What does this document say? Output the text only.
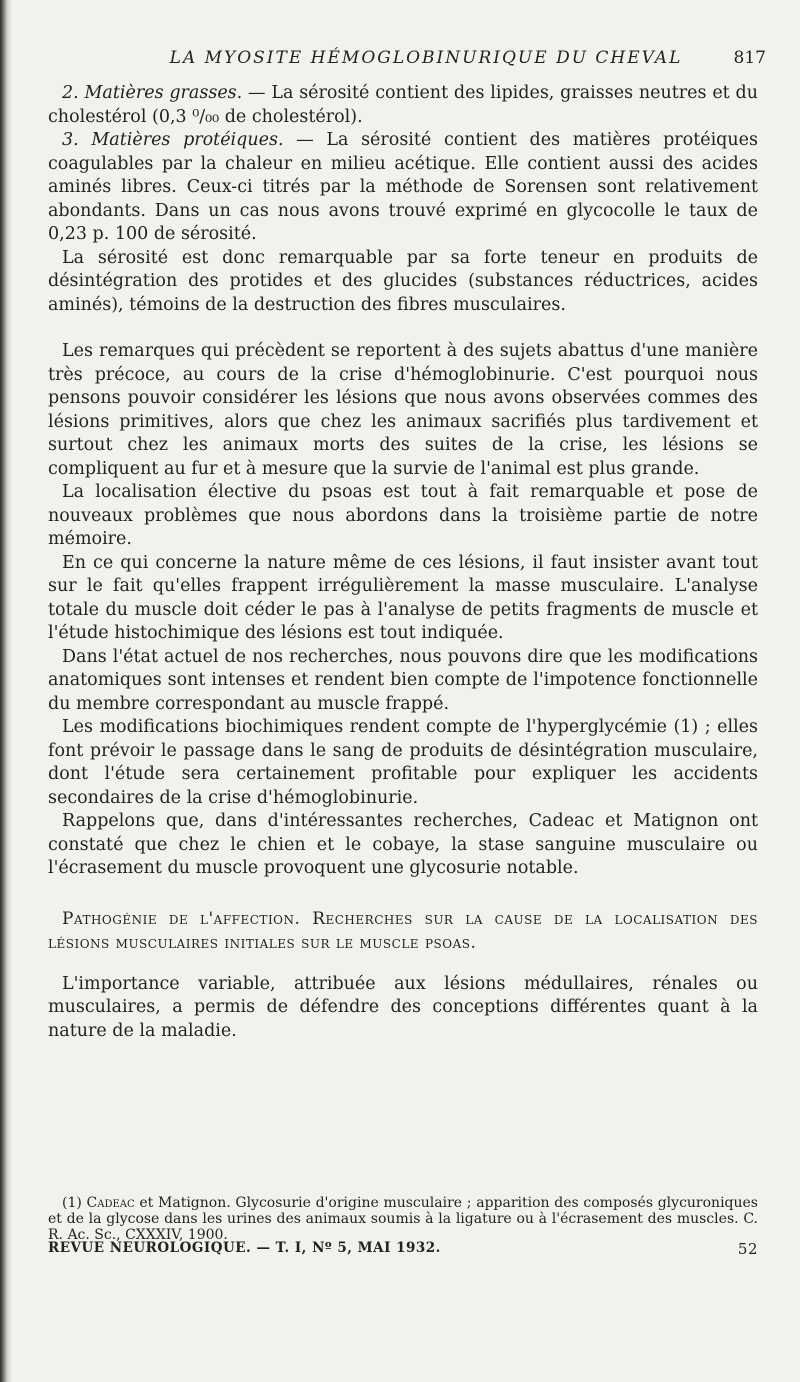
LA MYOSITE HÉMOGLOBINURIQUE DU CHEVAL	817

2. Matières grasses. — La sérosité contient des lipides, graisses neutres et du cholestérol (0,3 ⁰/₀₀ de cholestérol).

3. Matières protéiques. — La sérosité contient des matières protéiques coagulables par la chaleur en milieu acétique. Elle contient aussi des acides aminés libres. Ceux-ci titrés par la méthode de Sorensen sont relativement abondants. Dans un cas nous avons trouvé exprimé en glycocolle le taux de 0,23 p. 100 de sérosité.

La sérosité est donc remarquable par sa forte teneur en produits de désintégration des protides et des glucides (substances réductrices, acides aminés), témoins de la destruction des fibres musculaires.

Les remarques qui précèdent se reportent à des sujets abattus d'une manière très précoce, au cours de la crise d'hémoglobinurie. C'est pourquoi nous pensons pouvoir considérer les lésions que nous avons observées commes des lésions primitives, alors que chez les animaux sacrifiés plus tardivement et surtout chez les animaux morts des suites de la crise, les lésions se compliquent au fur et à mesure que la survie de l'animal est plus grande.

La localisation élective du psoas est tout à fait remarquable et pose de nouveaux problèmes que nous abordons dans la troisième partie de notre mémoire.

En ce qui concerne la nature même de ces lésions, il faut insister avant tout sur le fait qu'elles frappent irrégulièrement la masse musculaire. L'analyse totale du muscle doit céder le pas à l'analyse de petits fragments de muscle et l'étude histochimique des lésions est tout indiquée.

Dans l'état actuel de nos recherches, nous pouvons dire que les modifications anatomiques sont intenses et rendent bien compte de l'impotence fonctionnelle du membre correspondant au muscle frappé.

Les modifications biochimiques rendent compte de l'hyperglycémie (1) ; elles font prévoir le passage dans le sang de produits de désintégration musculaire, dont l'étude sera certainement profitable pour expliquer les accidents secondaires de la crise d'hémoglobinurie.

Rappelons que, dans d'intéressantes recherches, Cadeac et Matignon ont constaté que chez le chien et le cobaye, la stase sanguine musculaire ou l'écrasement du muscle provoquent une glycosurie notable.

Pathogénie de l'affection. Recherches sur la cause de la localisation des lésions musculaires initiales sur le muscle psoas.

L'importance variable, attribuée aux lésions médullaires, rénales ou musculaires, a permis de défendre des conceptions différentes quant à la nature de la maladie.

(1) Cadeac et Matignon. Glycosurie d'origine musculaire ; apparition des composés glycuroniques et de la glycose dans les urines des animaux soumis à la ligature ou à l'écrasement des muscles. C. R. Ac. Sc., CXXXIV, 1900.

REVUE NEUROLOGIQUE. — T. I, Nº 5, MAI 1932.	52
